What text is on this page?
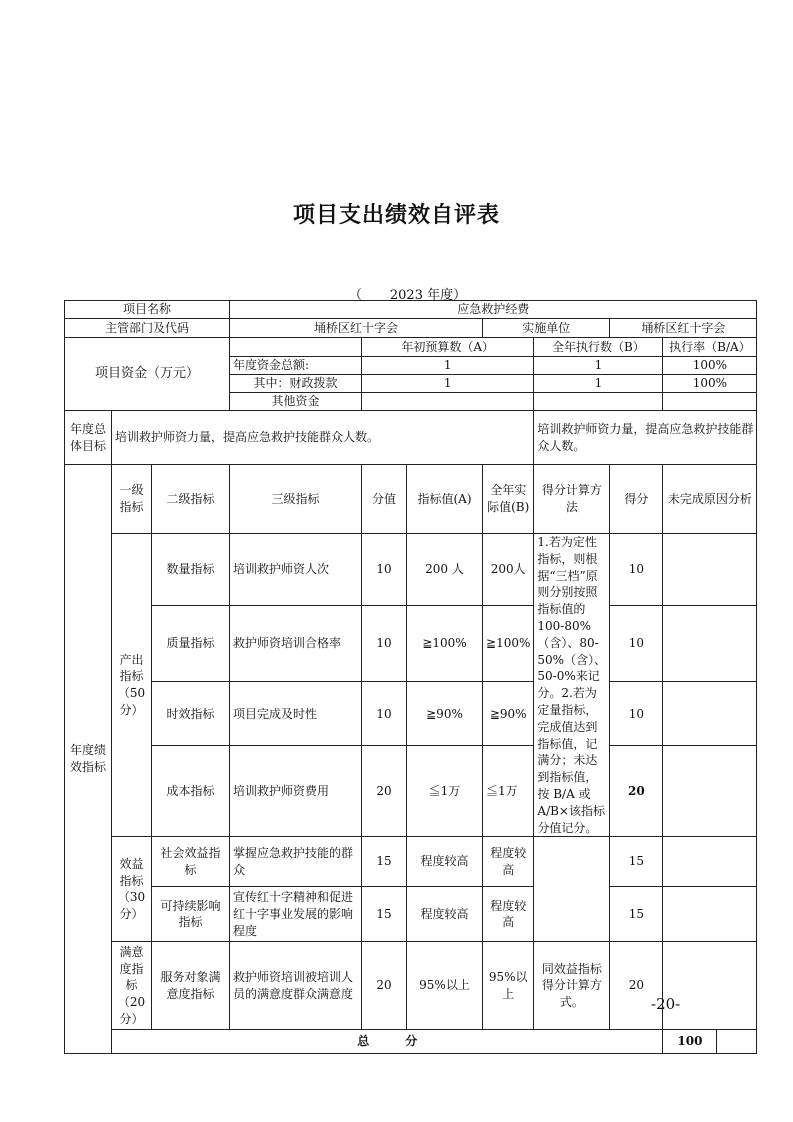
项目支出绩效自评表
（ 2023 年度）
项目名称			应急救护经费							
主管部门及代码			埇桥区红十字会			实施单位		埇桥区红十字会		
项目资金（万元）				年初预算数（A）			全年执行数（B）		执行率（B/A）	
			年度资金总额:	1			1		100%	
			其中：财政拨款	1			1		100%	
			其他资金							
年度总体目标	培训救护师资力量，提高应急救护技能群众人数。						培训救护师资力量，提高应急救护技能群众人数。			
年度绩效指标	一级指标	二级指标	三级指标	分值	指标值(A)	全年实际值(B)	得分计算方法	得分	未完成原因分析	
	产出指标（50分）	数量指标	培训救护师资人次	10	200 人	200人	1.若为定性指标，则根据“三档”原则分别按照指标值的100-80%（含）、80-50%（含）、50-0%来记分。2.若为定量指标，完成值达到指标值，记满分；未达到指标值，按 B/A 或 A/B×该指标分值记分。	10		
		质量指标	救护师资培训合格率	10	≧100%	≧100%		10		
		时效指标	项目完成及时性	10	≧90%	≧90%		10		
		成本指标	培训救护师资费用	20	≦1万	≦1万		20		
	效益指标（30分）	社会效益指标	掌握应急救护技能的群众	15	程度较高	程度较高		15		
		可持续影响指标	宣传红十字精神和促进红十字事业发展的影响程度	15	程度较高	程度较高		15		
	满意度指标（20分）	服务对象满意度指标	救护师资培训被培训人员的满意度群众满意度	20	95%以上	95%以上	同效益指标得分计算方式。	20		
	总　　　分								100	
-20-
